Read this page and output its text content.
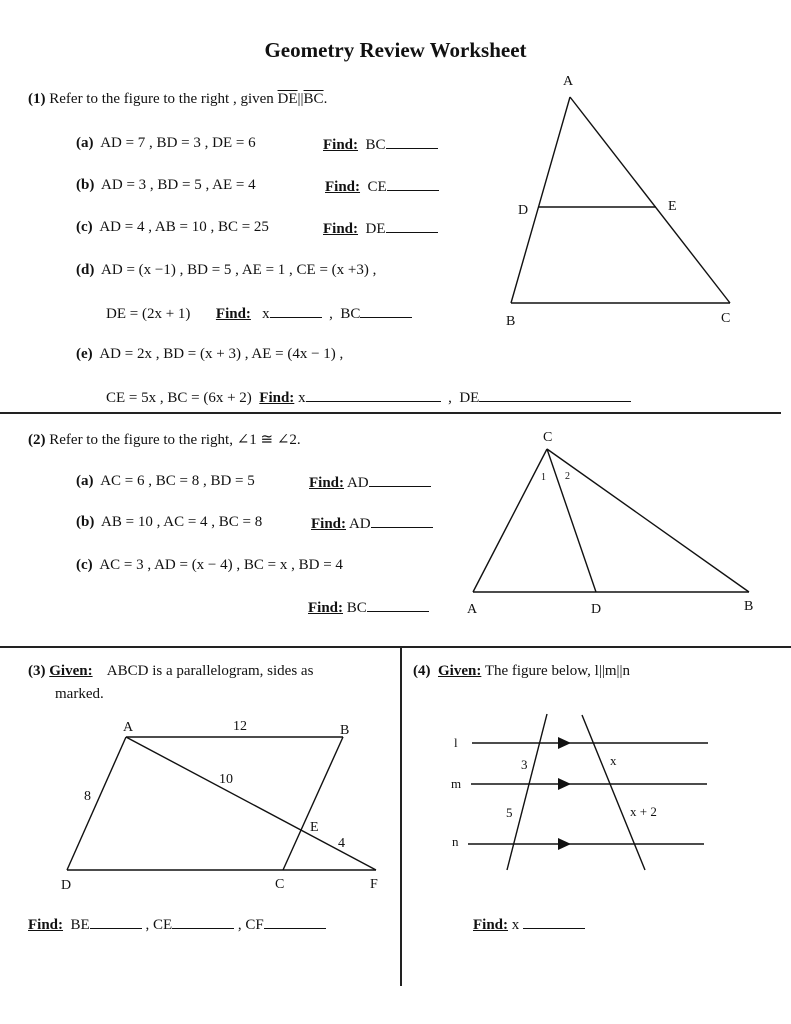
Geometry Review Worksheet
(1) Refer to the figure to the right , given $\overline{DE}||\overline{BC}$.
(a) AD = 7 , BD = 3 , DE = 6	Find: BC
(b) AD = 3 , BD = 5 , AE = 4	Find: CE
(c) AD = 4 , AB = 10 , BC = 25	Find: DE
(d) AD = (x −1) , BD = 5 , AE = 1 , CE = (x +3) ,
DE = (2x + 1) Find: x	, BC
(e) AD = 2x , BD = (x + 3) , AE = (4x − 1) ,
CE = 5x , BC = (6x + 2) Find: x	, DE
A
D	E
B	C
(2) Refer to the figure to the right, ∠1 ≅ ∠2.
(a) AC = 6 , BC = 8 , BD = 5	Find: AD
(b) AB = 10 , AC = 4 , BC = 8	Find: AD
(c) AC = 3 , AD = (x − 4) , BC = x , BD = 4
Find: BC
C
A	D	B
1 2
(3) Given: ABCD is a parallelogram, sides as
marked.
A	B
D	C	F
E
12
10
8
4
Find: BE	, CE	, CF
(4) Given: The figure below, l||m||n
l
m
n
3
5
x
x + 2
Find: x
